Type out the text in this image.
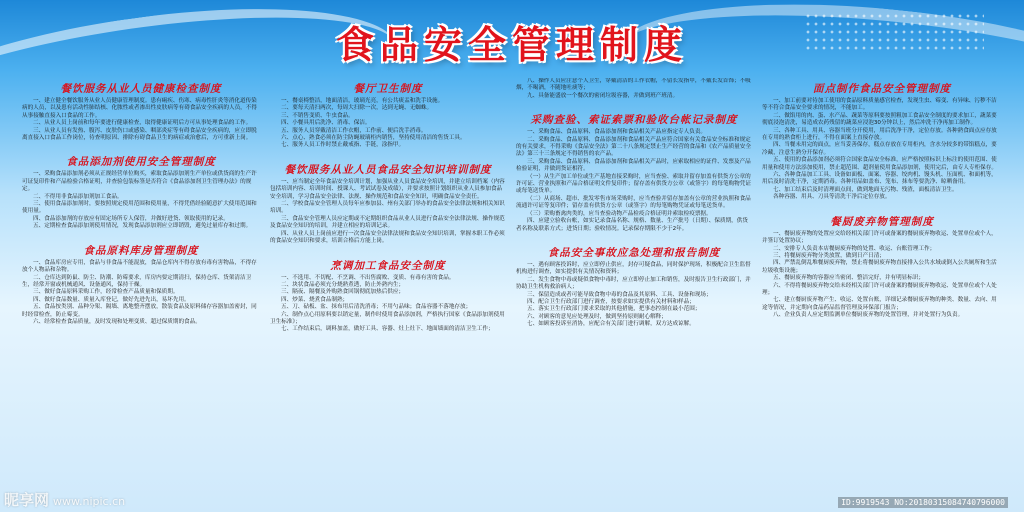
食品安全管理制度
餐饮服务从业人员健康检查制度

一、建立健全餐饮服务从业人员健康管理制度。患有痢疾、伤寒、病毒性肝炎等消化道传染病的人员，以及患有活动性肺结核、化脓性或者渗出性皮肤病等有碍食品安全疾病的人员，不得从事接触直接入口食品的工作。

二、从业人员上岗前和每年要进行健康检查，取得健康证明后方可从事处理食品的工作。

三、从业人员有发热、腹泻、皮肤伤口或感染、咽部炎症等有碍食品安全疾病的，应立即脱离直接入口食品工作岗位，待查明原因、排除有碍食品卫生的病症或治愈后，方可重新上岗。

食品添加剂使用安全管理制度

一、采购食品添加剂必须从正规经营单位购买，索取食品添加剂生产单位或供货商的生产许可证复印件和产品检验合格证明，并查验包装标签是否符合《食品添加剂卫生管理办法》的规定。

二、不得用非食品添加剂加工食品。

三、使用食品添加剂时，要按照规定使用范围和使用量，不得凭借经验随意扩大使用范围和使用量。

四、食品添加剂的存放应有固定场所专人保管，并做好进货、领取使用的记录。

五、定期检查食品添加剂使用情况，发现食品添加剂应立即销毁，避免过量库存和过期。

食品原料库房管理制度

一、食品库房应专用，食品与非食品不能混放，食品仓库内不得存放有毒有害物品，不得存放个人物品和杂物。

二、仓库达到防鼠、防尘、防潮、防霉要求，库房内要定期清扫，保持仓库、货架清洁卫生，经常开窗或机械通风、设备通风，保持干燥。

三、做好食品原料采购工作，经常检查产品质量和保质期。

四、做好食品数量、质量入库登记，做好先进先出，易坏先用。

五、食品按类别、品种分架、隔墙、离地整齐摆放，散装食品及原料储存容器加盖密封，同时经常检查，防止霉变。

六、经常检查食品质量，及时发现和处理变质、超过保质期的食品。

餐厅卫生制度

一、餐桌椅整洁，地面清洁，玻璃光亮，有公共痰盂和洗手设施。

二、要每天清扫两次，每周大扫除一次，达到无蝇、无蜘蛛。

三、不销售变质、牛虫食品。

四、小餐具用后洗净、消毒、保洁。

五、服务人员穿戴清洁工作衣帽，工作前、便后洗手消毒。

六、点心、熟食必须在防尘防蝇玻璃柜内销售，坚持使用清洁的售货工具。

七、服务人员工作时禁止戴戒指、手链，涂指甲。

餐饮服务从业人员食品安全知识培训制度

一、应当制定全年食品安全培训计划，加强从业人员食品安全培训，并建立培训档案（内容包括培训内容、培训时间、授课人、考试试卷及成绩），并要求按照计划组织从业人员参加食品安全培训，学习食品安全法律、法规、操作规范和食品安全知识，明确食品安全责任。

二、学校食品安全管理人员每年应参加县、州有关部门举办的食品安全法律法规和相关知识培训。

三、食品安全管理人员应定期或不定期组织食品从业人员进行食品安全法律法规、操作规范及食品安全知识的培训，并建立相应的培训记录。

四、从业人员上岗前应进行一次食品安全法律法规和食品安全知识培训，掌握本职工作必须的食品安全知识和要求，培训合格后方能上岗。

烹调加工食品安全制度

一、不选用、不切配、不烹调、不出售腐败、变质、有毒有害的食品。

二、块状食品必须充分烧熟煮透，防止外熟内生；

三、隔夜、隔餐及外购熟食回锅彻底加热后供应；

四、炒菜、烧煮食品制熟；

五、刀、砧板、盆、抹布用后清洗消毒；不用勺品味；食品容器不落地存放；

六、制作点心用原料要以销定量，制作时使用食品添加剂，严格执行国家《食品添加剂使用卫生标准》；

七、工作结束后，调料加盖，做好工具、容器、灶上灶下、地面墙面的清洁卫生工作；

八、操作人员应注意个人卫生，穿戴清洁的工作衣帽，不留长发指甲，不戴长发首饰；不吸烟，不喝酒，不随地吐痰等；

九、具备能盛放一个餐次的密闭垃圾容器，并做到班产班清。

采购查验、索证索票和验收台帐记录制度

一、采购食品、食品原料、食品添加剂和食品相关产品应指定专人负责。

二、采购食品、食品原料、食品添加剂和食品相关产品应符合国家有关食品安全标准和规定的有关要求，不得采购《食品安全法》第二十八条规定禁止生产经营的食品和《农产品质量安全法》第三十三条规定不得销售的农产品。

三、采购食品、食品原料、食品添加剂和食品相关产品时，应索取相应的证件、发票及产品检验证明，并做到货证相符。

（一）从生产加工单位或生产基地直接采购时，应当查验、索取并留存加盖有供货方公章的许可证、营业执照和产品合格证明文件复印件；留存盖有供货方公章（或签字）的每笔购物凭证或每笔送货单。

（二）从商场、超市、批发零售市场采购时，应当查验并留存加盖有公章的营业执照和食品流通许可证等复印件；留存盖有供货方公章（或签字）的每笔购物凭证或每笔送货单。

（三）采购畜禽肉类的，应当查验动物产品检疫合格证明并索取检疫票据。

四、应建立验收台帐，如实记录食品名称、规格、数量、生产批号（日期）、保质期，供货者名称及联系方式；进货日期；验收情况。记录保存期限不少于2年。

食品安全事故应急处理和报告制度

一、遇有顾客投诉时，应立即停止供应，封存可疑食品，同时保护现场，积极配合卫生监督机构进行调查，如实提供有关情况和资料；

二、发生食物中毒或疑似食物中毒时，应立即停止加工和销售，及时报告卫生行政部门，并协助卫生机构救治病人；

三、保留造成或者可能导致食物中毒的食品及其原料、工具、设备和现场；

四、配合卫生行政部门进行调查，按要求如实提供有关材料和样品；

五、落实卫生行政部门要求采取的其他措施，把事态控制在最小范围；

六、对顾客的意见应处理及时，做到坚持原则耐心解释；

七、如顾客投诉至消协，应配合有关部门进行调解，双方达成谅解。

面点制作食品安全管理制度

一、加工前要对待加工使用的食品原料质量感官检查，发现生虫、霉变、有异味、污秽不洁等不符合食品安全要求的情况，不能加工。

二、做馅用的肉、蛋、水产品、蔬菜等原料要按照粗加工食品安全制度的要求加工，蔬菜要彻底浸泡清洗，易造成农药残留的蔬菜应浸泡30分钟以上，然后冲洗干净再加工制作。

三、各种工具、用具、容器当班分开使用，用后洗净干净，定位存放。各种熟食面点应存放在专用的熟食柜上进行，不得在面案上直接存放。

四、当餐未用完的面点，应当妥善保存，糕点存放在专用柜内，含水分较多的带馅糕点，要冷藏，注意生熟分开保存。

五、使用的食品添加剂必须符合国家食品安全标准，应严格按照标识上标注的使用范围、使用量和使用方法添加使用，禁止超范围、超剂量使用食品添加剂，使用完后，由专人专柜保存。

六、各种食品加工工具、设备如面板、面案、容器、绞肉机、馒头机、压面机、和面机等，用后及时清洗干净，定期消毒。各种用品如盖布、笼布、抹布等要洗净、晾晒备用。

七、加工结束后及时清理面点间，做到地面无污物、残渣，面板清洁卫生。

各种容器、用具、刀具等清洗干净后定位存放。

餐厨废弃物管理制度

一、餐厨废弃物的处置应交给经相关部门许可或备案的餐厨废弃物收运、处置单位或个人，并签订处置协议；

二、安排专人负责本店餐厨废弃物的处置、收运、台账管理工作；

三、将餐厨废弃物分类放置，做到日产日清；

四、严禁乱倒乱堆餐厨废弃物，禁止将餐厨废弃物直接排入公共水域或倒入公共厕所和生活垃圾收集设施；

五、餐厨废弃物的容器应当密闭、整洁完好，并有明显标识；

六、不得将餐厨废弃物交给未经相关部门许可或备案的餐厨废弃物收运、处置单位或个人处理；

七、建立餐厨废弃物产生、收运、处置台账，详细记录餐厨废弃物的种类、数量、去向、用途等情况，并定期向食品药品监督管理及环保部门报告；

八、企业负责人应定期监测单位餐厨废弃物的处置管理，并对处置行为负责。

昵享网 www.nipic.cn	ID:9919543 NO:20180315084740796000
